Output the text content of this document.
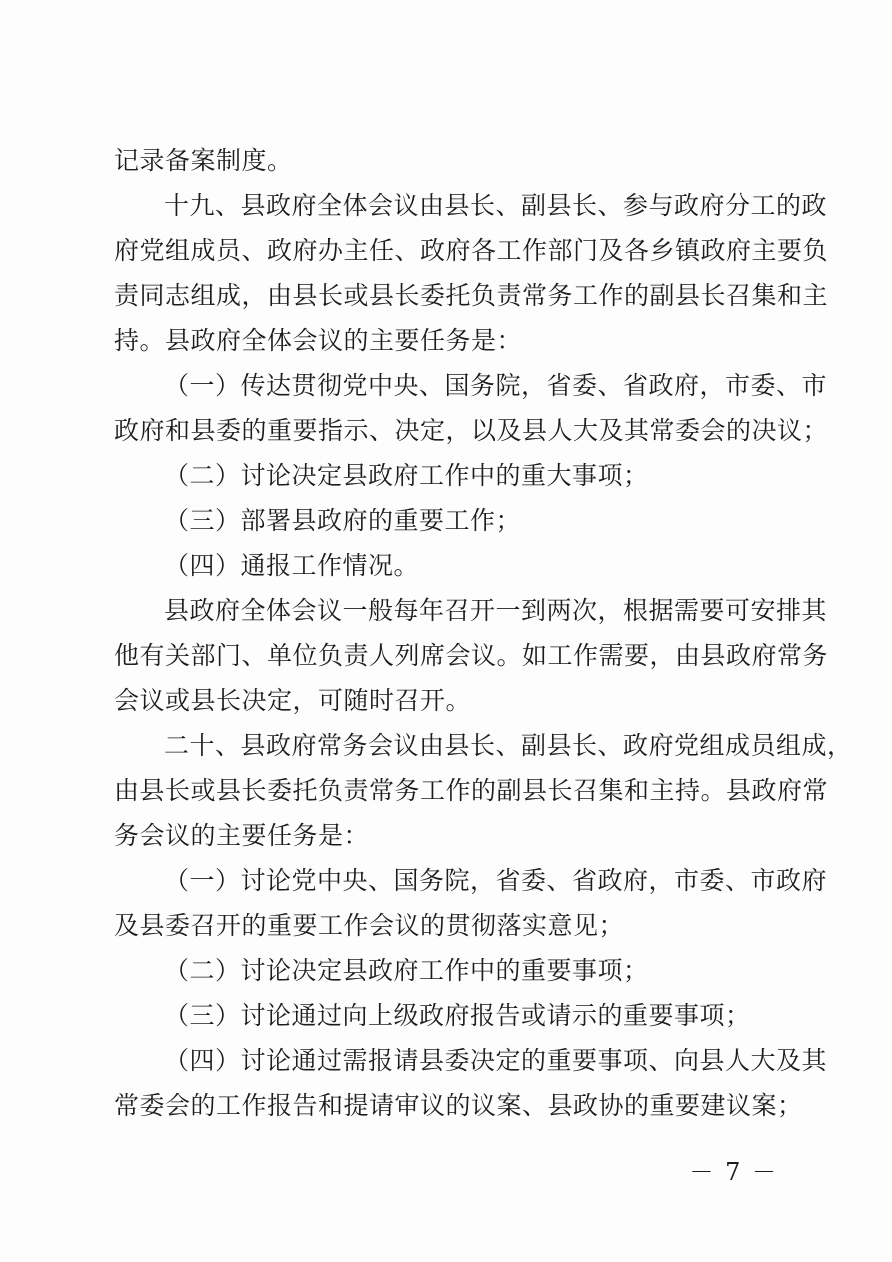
记录备案制度。
十九、县政府全体会议由县长、副县长、参与政府分工的政
府党组成员、政府办主任、政府各工作部门及各乡镇政府主要负
责同志组成，由县长或县长委托负责常务工作的副县长召集和主
持。县政府全体会议的主要任务是：
（一）传达贯彻党中央、国务院，省委、省政府，市委、市
政府和县委的重要指示、决定，以及县人大及其常委会的决议；
（二）讨论决定县政府工作中的重大事项；
（三）部署县政府的重要工作；
（四）通报工作情况。
县政府全体会议一般每年召开一到两次，根据需要可安排其
他有关部门、单位负责人列席会议。如工作需要，由县政府常务
会议或县长决定，可随时召开。
二十、县政府常务会议由县长、副县长、政府党组成员组成，
由县长或县长委托负责常务工作的副县长召集和主持。县政府常
务会议的主要任务是：
（一）讨论党中央、国务院，省委、省政府，市委、市政府
及县委召开的重要工作会议的贯彻落实意见；
（二）讨论决定县政府工作中的重要事项；
（三）讨论通过向上级政府报告或请示的重要事项；
（四）讨论通过需报请县委决定的重要事项、向县人大及其
常委会的工作报告和提请审议的议案、县政协的重要建议案；
－ 7 －
